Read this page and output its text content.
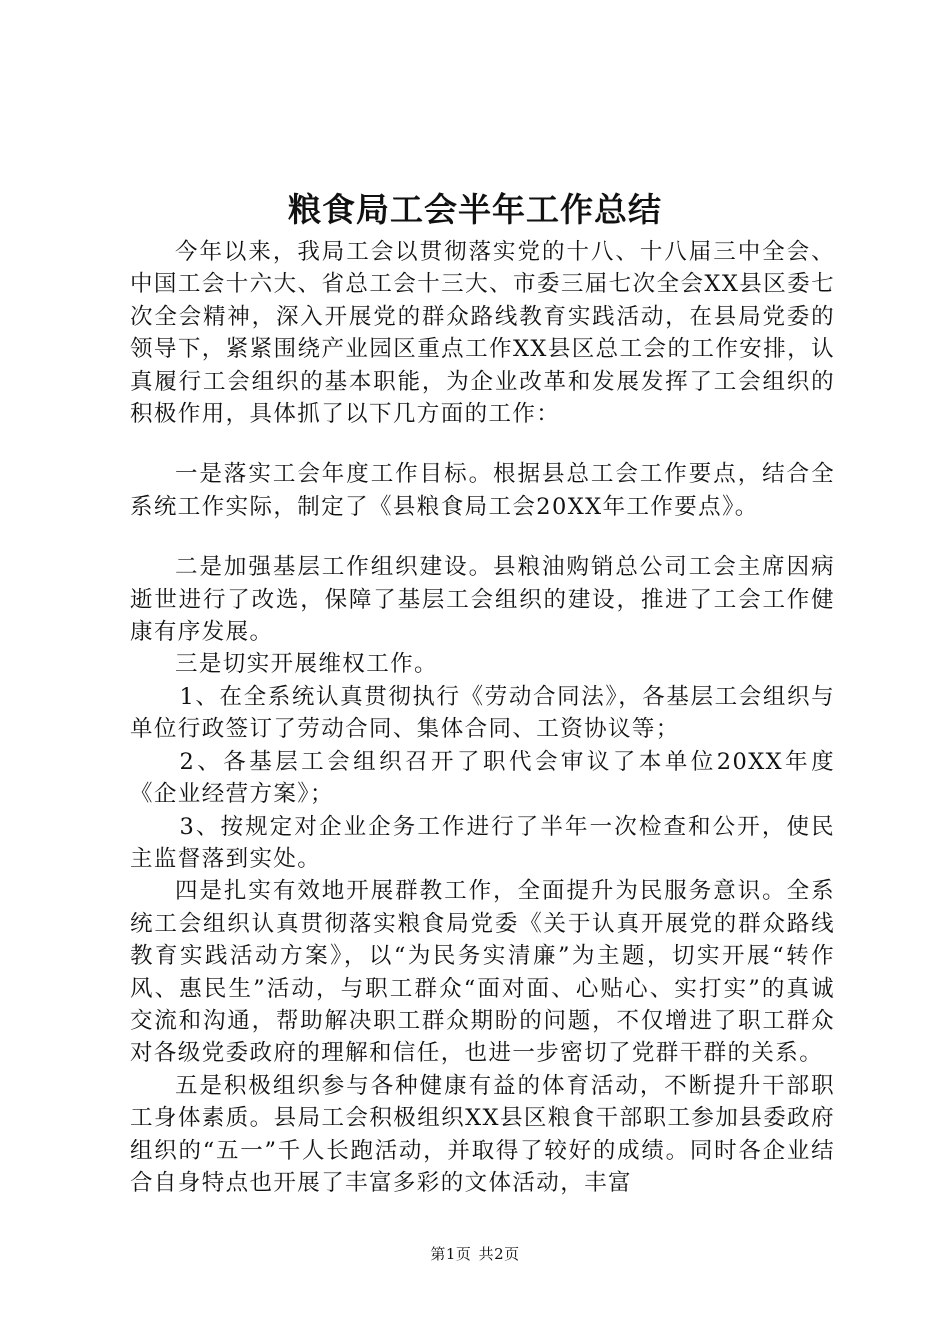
粮食局工会半年工作总结

今年以来，我局工会以贯彻落实党的十八、十八届三中全会、中国工会十六大、省总工会十三大、市委三届七次全会XX县区委七次全会精神，深入开展党的群众路线教育实践活动，在县局党委的领导下，紧紧围绕产业园区重点工作XX县区总工会的工作安排，认真履行工会组织的基本职能，为企业改革和发展发挥了工会组织的积极作用，具体抓了以下几方面的工作：

一是落实工会年度工作目标。根据县总工会工作要点，结合全系统工作实际，制定了《县粮食局工会20XX年工作要点》。

二是加强基层工作组织建设。县粮油购销总公司工会主席因病逝世进行了改选，保障了基层工会组织的建设，推进了工会工作健康有序发展。

三是切实开展维权工作。

1、在全系统认真贯彻执行《劳动合同法》，各基层工会组织与单位行政签订了劳动合同、集体合同、工资协议等；

2、各基层工会组织召开了职代会审议了本单位20XX年度《企业经营方案》；

3、按规定对企业企务工作进行了半年一次检查和公开，使民主监督落到实处。

四是扎实有效地开展群教工作，全面提升为民服务意识。全系统工会组织认真贯彻落实粮食局党委《关于认真开展党的群众路线教育实践活动方案》，以“为民务实清廉”为主题，切实开展“转作风、惠民生”活动，与职工群众“面对面、心贴心、实打实”的真诚交流和沟通，帮助解决职工群众期盼的问题，不仅增进了职工群众对各级党委政府的理解和信任，也进一步密切了党群干群的关系。

五是积极组织参与各种健康有益的体育活动，不断提升干部职工身体素质。县局工会积极组织XX县区粮食干部职工参加县委政府组织的“五一”千人长跑活动，并取得了较好的成绩。同时各企业结合自身特点也开展了丰富多彩的文体活动，丰富

第1页 共2页
